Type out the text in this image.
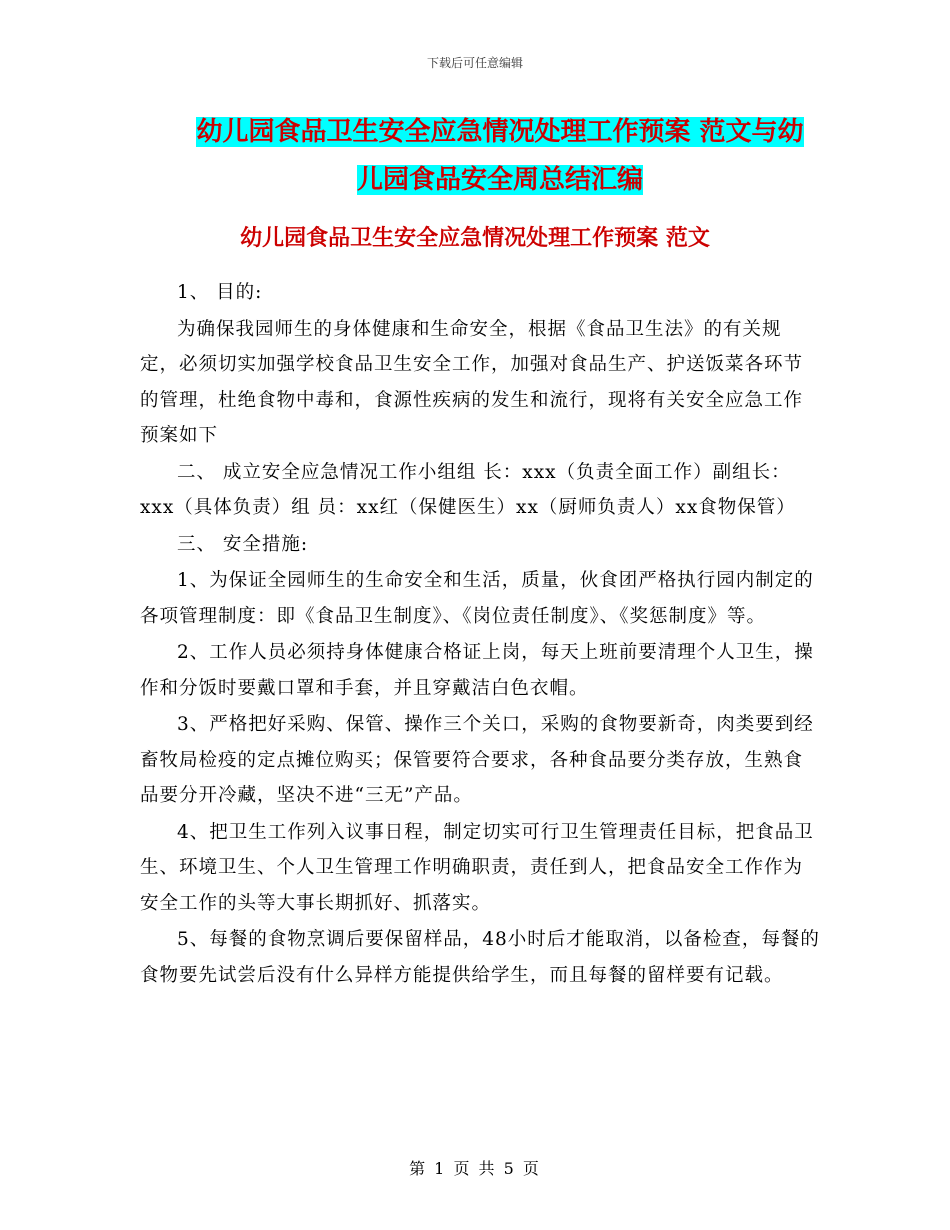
下载后可任意编辑
幼儿园食品卫生安全应急情况处理工作预案 范文与幼
儿园食品安全周总结汇编
幼儿园食品卫生安全应急情况处理工作预案 范文

1、 目的:

为确保我园师生的身体健康和生命安全，根据《食品卫生法》的有关规定，必须切实加强学校食品卫生安全工作，加强对食品生产、护送饭菜各环节的管理，杜绝食物中毒和，食源性疾病的发生和流行，现将有关安全应急工作预案如下

二、 成立安全应急情况工作小组组 长：xxx（负责全面工作）副组长：xxx（具体负责）组 员：xx红（保健医生）xx（厨师负责人）xx食物保管）

三、 安全措施:

1、为保证全园师生的生命安全和生活，质量，伙食团严格执行园内制定的各项管理制度：即《食品卫生制度》、《岗位责任制度》、《奖惩制度》等。

2、工作人员必须持身体健康合格证上岗，每天上班前要清理个人卫生，操作和分饭时要戴口罩和手套，并且穿戴洁白色衣帽。

3、严格把好采购、保管、操作三个关口，采购的食物要新奇，肉类要到经畜牧局检疫的定点摊位购买；保管要符合要求，各种食品要分类存放，生熟食品要分开冷藏，坚决不进“三无”产品。

4、把卫生工作列入议事日程，制定切实可行卫生管理责任目标，把食品卫生、环境卫生、个人卫生管理工作明确职责，责任到人，把食品安全工作作为安全工作的头等大事长期抓好、抓落实。

5、每餐的食物烹调后要保留样品，48小时后才能取消，以备检查，每餐的食物要先试尝后没有什么异样方能提供给学生，而且每餐的留样要有记载。

第 1 页 共 5 页
